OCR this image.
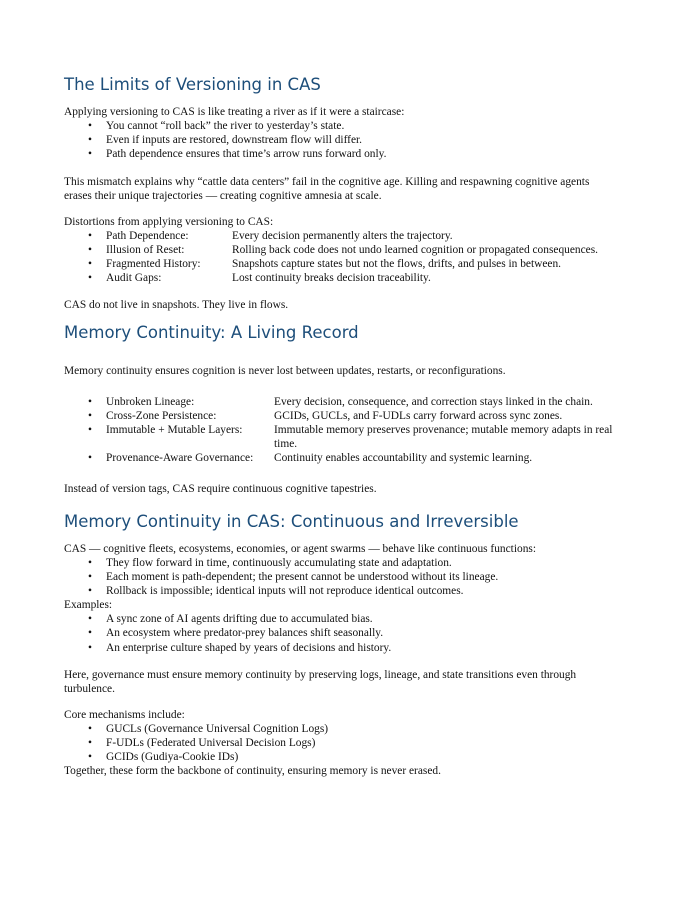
The Limits of Versioning in CAS

Applying versioning to CAS is like treating a river as if it were a staircase:

• You cannot “roll back” the river to yesterday’s state.
• Even if inputs are restored, downstream flow will differ.
• Path dependence ensures that time’s arrow runs forward only.

This mismatch explains why “cattle data centers” fail in the cognitive age. Killing and respawning cognitive agents erases their unique trajectories — creating cognitive amnesia at scale.

Distortions from applying versioning to CAS:

• Path Dependence:	Every decision permanently alters the trajectory.
• Illusion of Reset:	Rolling back code does not undo learned cognition or propagated consequences.
• Fragmented History:	Snapshots capture states but not the flows, drifts, and pulses in between.
• Audit Gaps:	Lost continuity breaks decision traceability.

CAS do not live in snapshots. They live in flows.

Memory Continuity: A Living Record

Memory continuity ensures cognition is never lost between updates, restarts, or reconfigurations.

• Unbroken Lineage:	Every decision, consequence, and correction stays linked in the chain.
• Cross-Zone Persistence:	GCIDs, GUCLs, and F-UDLs carry forward across sync zones.
• Immutable + Mutable Layers:	Immutable memory preserves provenance; mutable memory adapts in real time.
• Provenance-Aware Governance: Continuity enables accountability and systemic learning.

Instead of version tags, CAS require continuous cognitive tapestries.

Memory Continuity in CAS: Continuous and Irreversible

CAS — cognitive fleets, ecosystems, economies, or agent swarms — behave like continuous functions:

• They flow forward in time, continuously accumulating state and adaptation.
• Each moment is path-dependent; the present cannot be understood without its lineage.
• Rollback is impossible; identical inputs will not reproduce identical outcomes.

Examples:

• A sync zone of AI agents drifting due to accumulated bias.
• An ecosystem where predator-prey balances shift seasonally.
• An enterprise culture shaped by years of decisions and history.

Here, governance must ensure memory continuity by preserving logs, lineage, and state transitions even through turbulence.

Core mechanisms include:

• GUCLs (Governance Universal Cognition Logs)
• F-UDLs (Federated Universal Decision Logs)
• GCIDs (Gudiya-Cookie IDs)

Together, these form the backbone of continuity, ensuring memory is never erased.
